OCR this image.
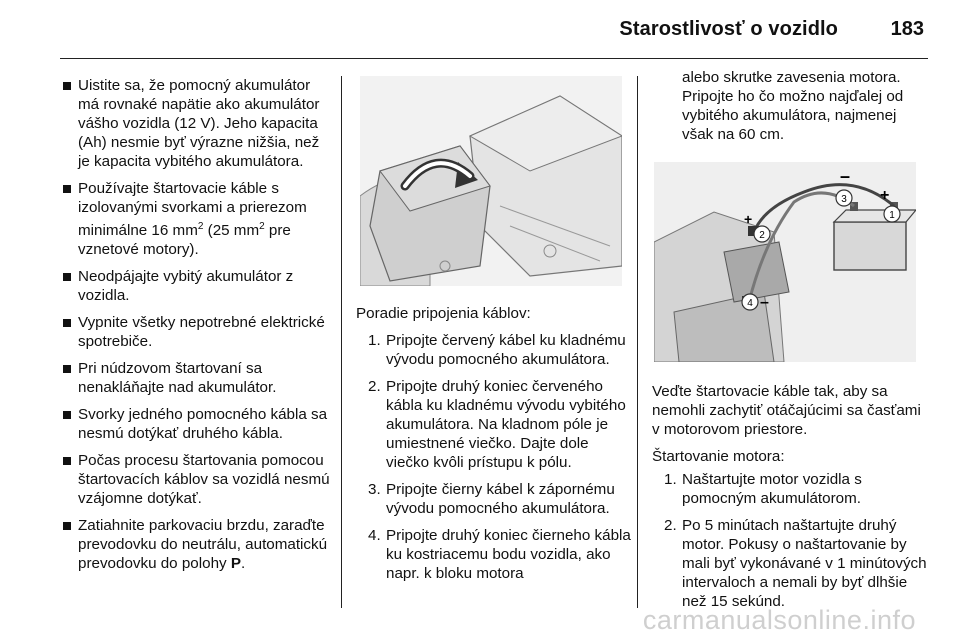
Starostlivosť o vozidlo	183
Uistite sa, že pomocný akumulátor má rovnaké napätie ako akumulátor vášho vozidla (12 V). Jeho kapacita (Ah) nesmie byť výrazne nižšia, než je kapacita vybitého akumulátora.
Používajte štartovacie káble s izolovanými svorkami a prierezom minimálne 16 $mm^2$ (25 $mm^2$ pre vznetové motory).
Neodpájajte vybitý akumulátor z vozidla.
Vypnite všetky nepotrebné elektrické spotrebiče.
Pri núdzovom štartovaní sa nenakláňajte nad akumulátor.
Svorky jedného pomocného kábla sa nesmú dotýkať druhého kábla.
Počas procesu štartovania pomocou štartovacích káblov sa vozidlá nesmú vzájomne dotýkať.
Zatiahnite parkovaciu brzdu, zaraďte prevodovku do neutrálu, automatickú prevodovku do polohy P.

Poradie pripojenia káblov:

1. Pripojte červený kábel ku kladnému vývodu pomocného akumulátora.
2. Pripojte druhý koniec červeného kábla ku kladnému vývodu vybitého akumulátora. Na kladnom póle je umiestnené viečko. Dajte dole viečko kvôli prístupu k pólu.
3. Pripojte čierny kábel k zápornému vývodu pomocného akumulátora.
4. Pripojte druhý koniec čierneho kábla ku kostriacemu bodu vozidla, ako napr. k bloku motora

alebo skrutke zavesenia motora. Pripojte ho čo možno najďalej od vybitého akumulátora, najmenej však na 60 cm.

1
2
3
4
–
+
+
–

Veďte štartovacie káble tak, aby sa nemohli zachytiť otáčajúcimi sa časťami v motorovom priestore.

Štartovanie motora:

1. Naštartujte motor vozidla s pomocným akumulátorom.
2. Po 5 minútach naštartujte druhý motor. Pokusy o naštartovanie by mali byť vykonávané v 1 minútových intervaloch a nemali by byť dlhšie než 15 sekúnd.
carmanualsonline.info
